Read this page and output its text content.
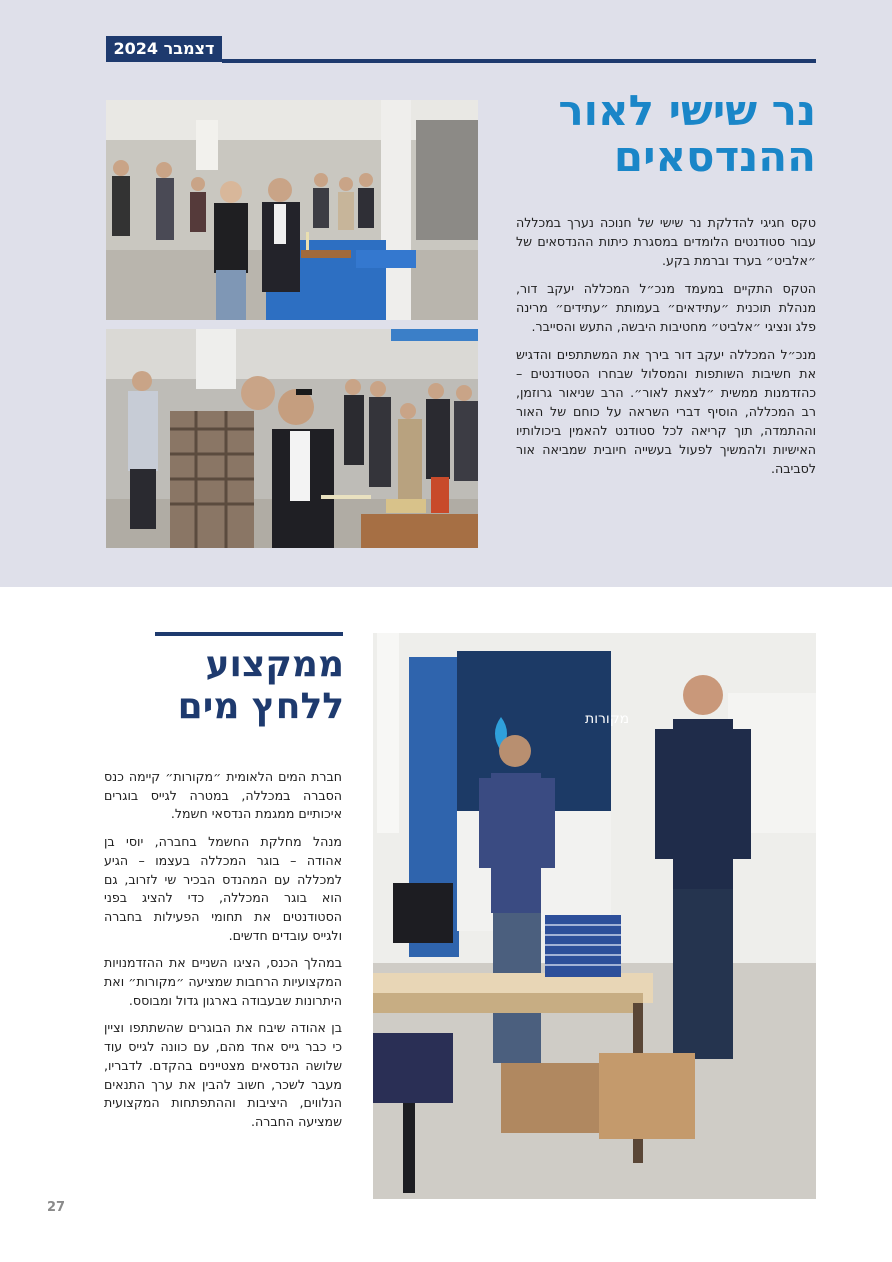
דצמבר 2024
נר שישי לאור ההנדסאים

טקס חגיגי להדלקת נר שישי של חנוכה נערך במכללה עבור סטודנטים הלומדים במסגרת כיתות ההנדסאים של ״אלביט״ בערד וברמת בקע.

הטקס התקיים במעמד מנכ״ל המכללה יעקב דור, מנהלת תוכנית ״עתידאים״ בעמותת ״עתידים״ מרינה פלג ונציגי ״אלביט״ מחטיבות היבשה, התעש והסייבר.

מנכ״ל המכללה יעקב דור בירך את המשתתפים והדגיש את חשיבות השותפות והמסלול שבחרו הסטודנטים – כהזדמנות ממשית ״לצאת לאור״. הרב שניאור גרוזמן, רב המכללה, הוסיף דברי השראה על כוחם של האור וההתמדה, תוך קריאה לכל סטודנט להאמין ביכולותיו האישיות ולהמשיך לפעול בעשייה חיובית שמביאה אור לסביבה.

ממקצוע ללחץ מים

חברת המים הלאומית ״מקורות״ קיימה כנס הסברה במכללה, במטרה לגייס בוגרים איכותיים ממגמת הנדסאי חשמל.

מנהל מחלקת החשמל בחברה, יוסי בן אהודה – בוגר המכללה בעצמו – הגיע למכללה עם המהנדס הבכיר שי לזרוב, גם הוא בוגר המכללה, כדי להציג בפני הסטודנטים את תחומי הפעילות בחברה ולגייס עובדים חדשים.

במהלך הכנס, הציגו השניים את ההזדמנויות המקצועיות הרחבות שמציעה ״מקורות״ ואת היתרונות שבעבודה בארגון גדול ומבוסס.

בן אהודה שיבח את הבוגרים שהשתתפו וציין כי כבר גייס אחד מהם, עם כוונה לגייס עוד שלושה הנדסאים מצטיינים בהקדם. לדבריו, מעבר לשכר, חשוב להבין את ערך התנאים הנלווים, היציבות וההתפתחות המקצועית שמציעה החברה.

מקורות
27
